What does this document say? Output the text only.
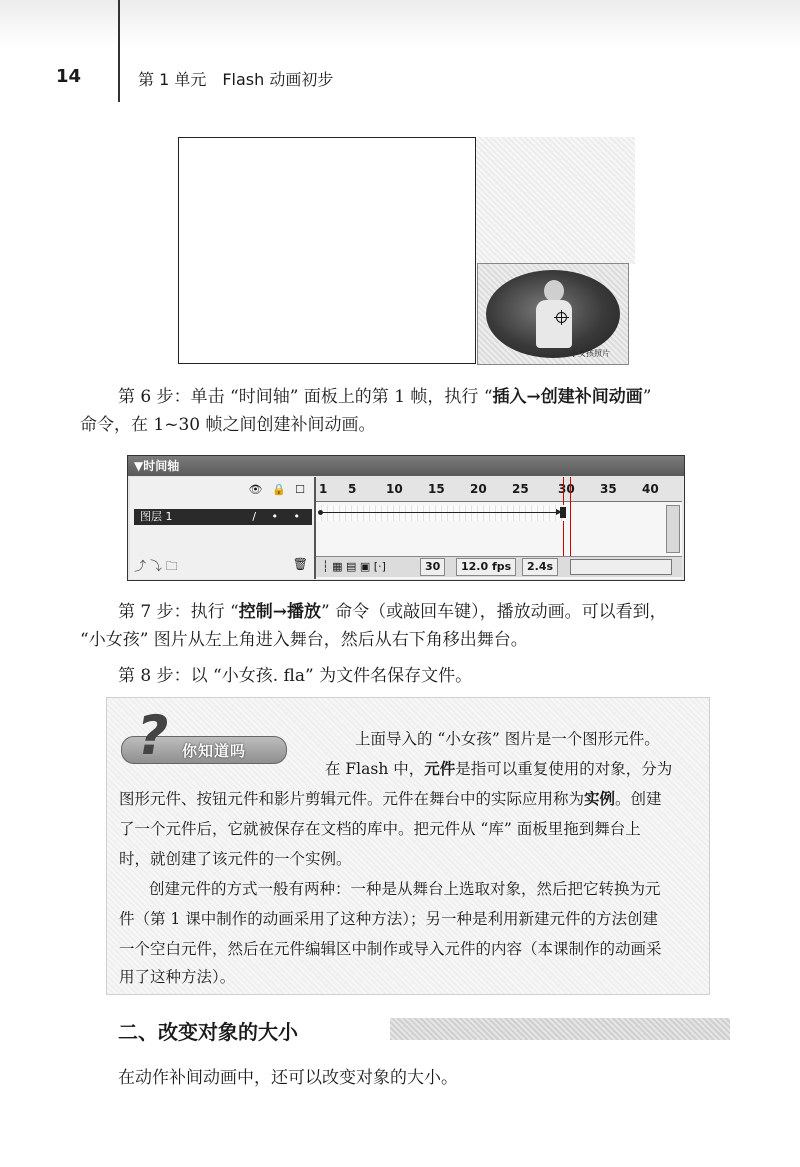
14	第 1 单元　Flash 动画初步
小女孩照片

第 6 步：单击 “时间轴” 面板上的第 1 帧，执行 “插入→创建补间动画”
命令，在 1~30 帧之间创建补间动画。

▼时间轴
👁 🔒 ☐
图层 1	/ • •
⤴ ⤵ 🗀	🗑
1 5 10 15 20 25 30 35 40
┆ ▦ ▤ ▣ [·]	30	12.0 fps	2.4s

第 7 步：执行 “控制→播放” 命令（或敲回车键），播放动画。可以看到，
“小女孩” 图片从左上角进入舞台，然后从右下角移出舞台。

第 8 步：以 “小女孩. fla” 为文件名保存文件。

你知道吗
?	上面导入的 “小女孩” 图片是一个图形元件。

在 Flash 中，元件是指可以重复使用的对象，分为

图形元件、按钮元件和影片剪辑元件。元件在舞台中的实际应用称为实例。创建

了一个元件后，它就被保存在文档的库中。把元件从 “库” 面板里拖到舞台上

时，就创建了该元件的一个实例。

创建元件的方式一般有两种：一种是从舞台上选取对象，然后把它转换为元

件（第 1 课中制作的动画采用了这种方法）；另一种是利用新建元件的方法创建

一个空白元件，然后在元件编辑区中制作或导入元件的内容（本课制作的动画采

用了这种方法）。

二、改变对象的大小

在动作补间动画中，还可以改变对象的大小。
